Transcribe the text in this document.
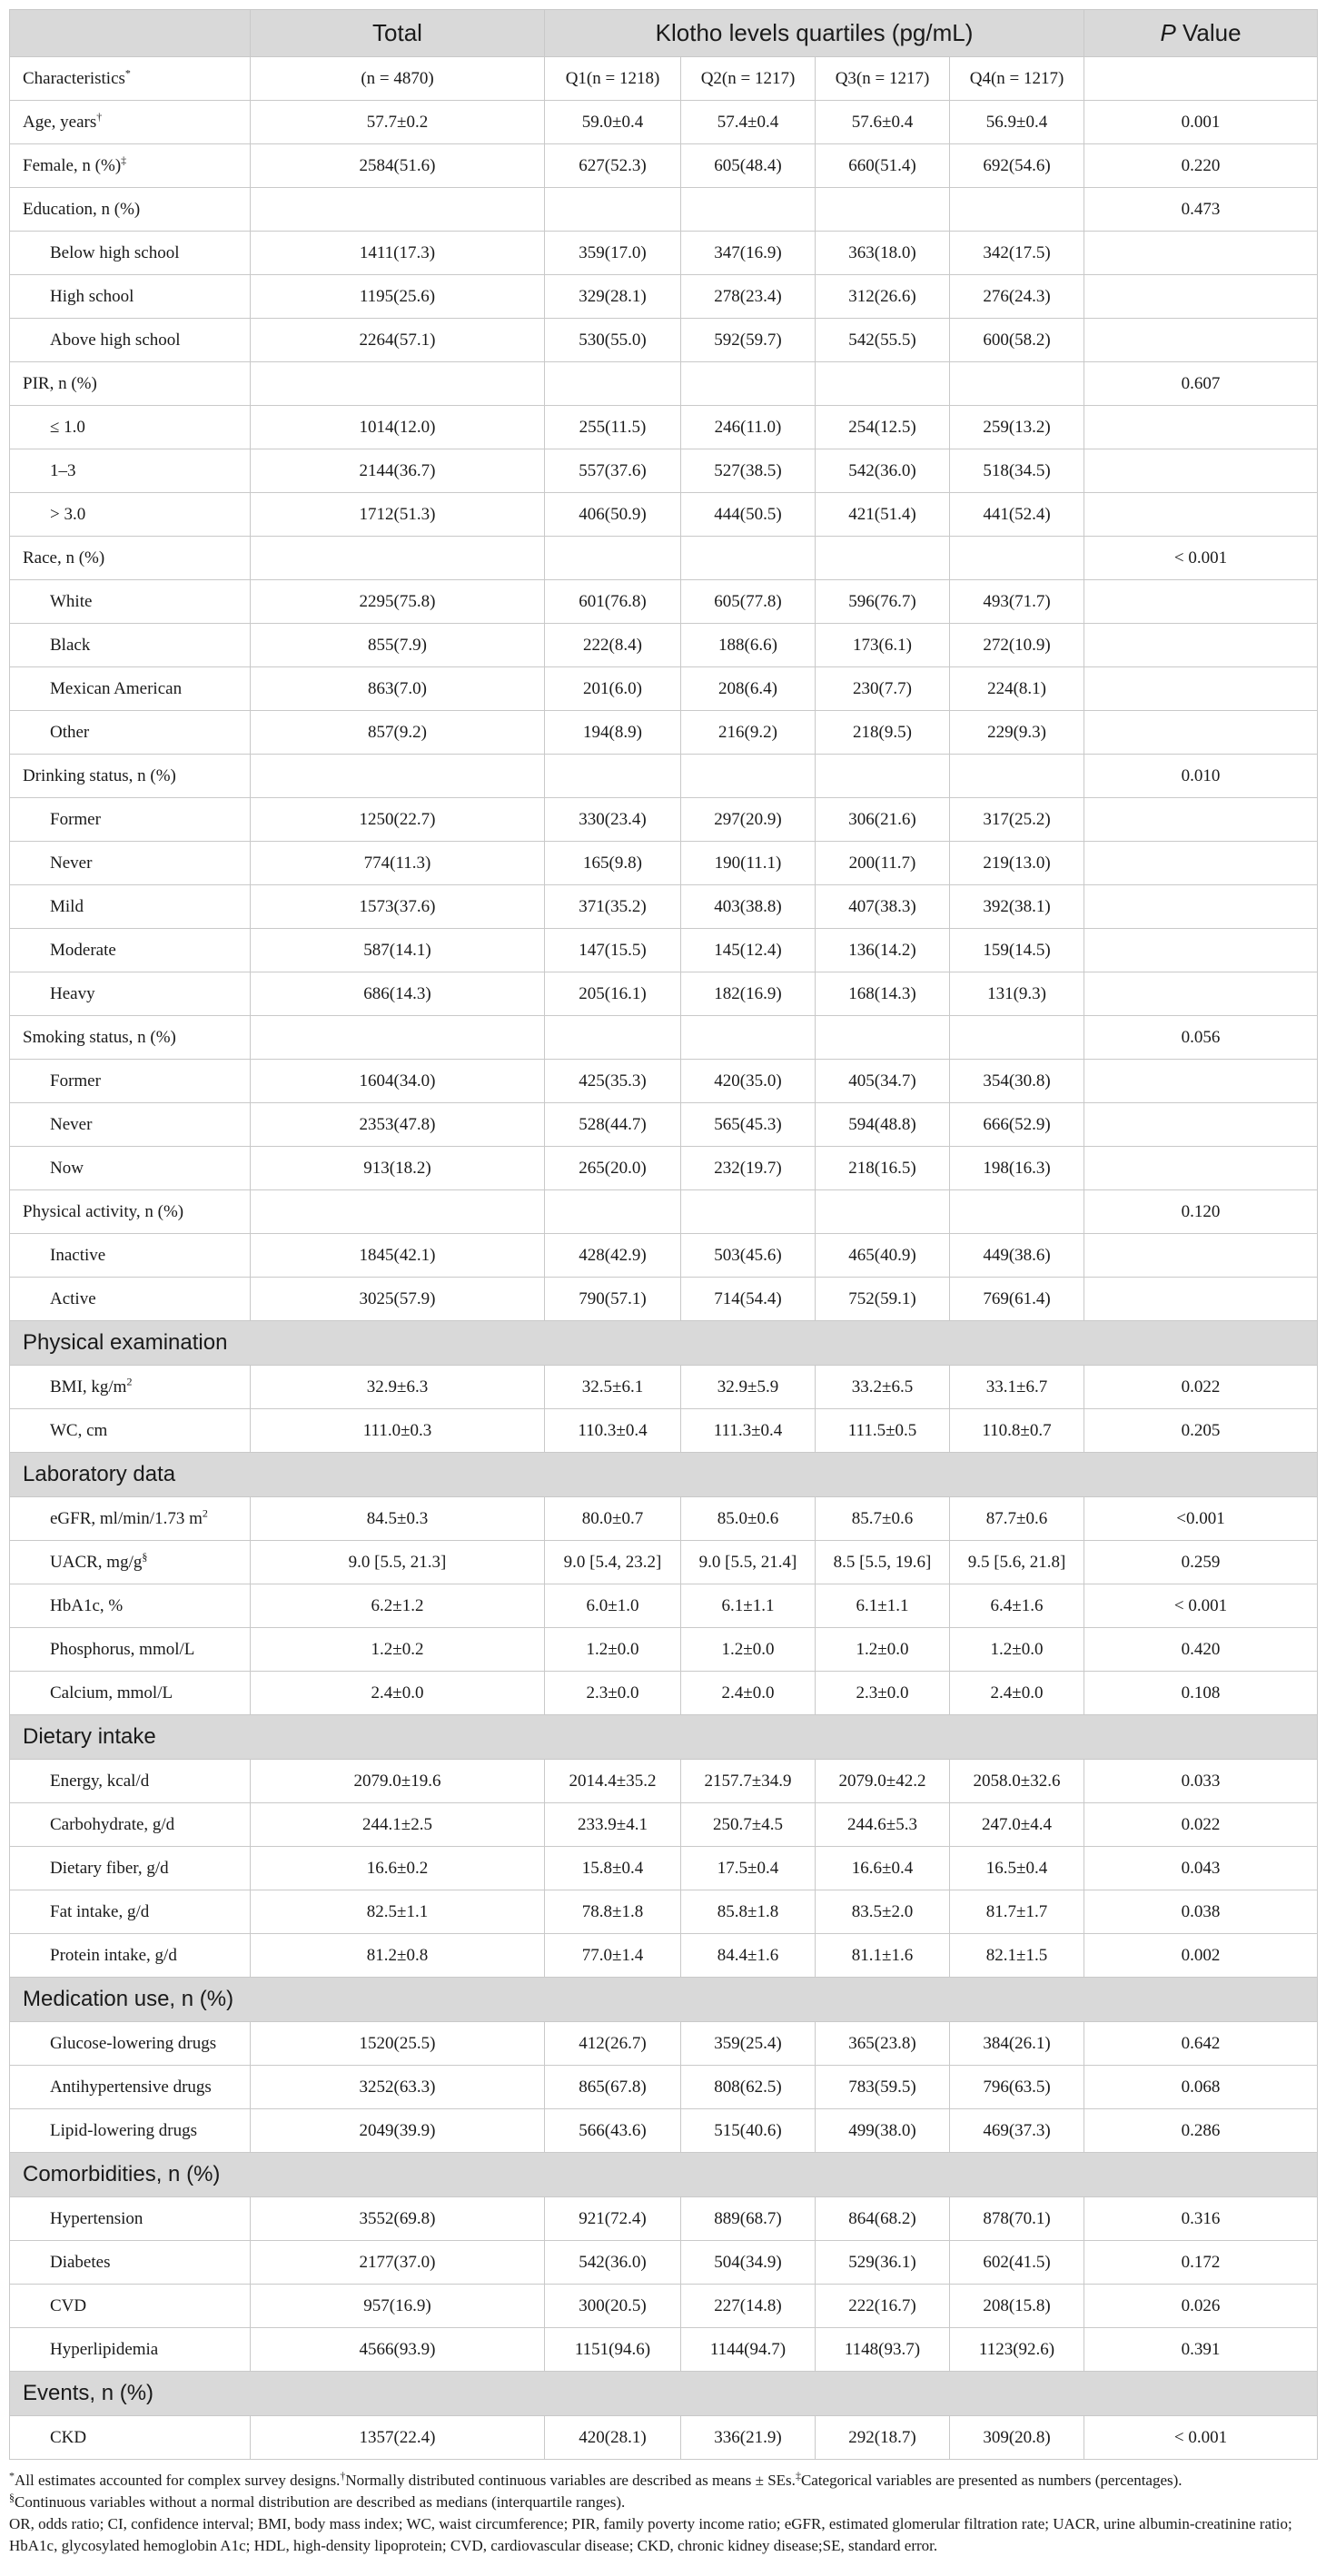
	Total	Klotho levels quartiles (pg/mL)				P Value
Characteristics*	(n = 4870)	Q1(n = 1218)	Q2(n = 1217)	Q3(n = 1217)	Q4(n = 1217)	
Age, years†	57.7±0.2	59.0±0.4	57.4±0.4	57.6±0.4	56.9±0.4	0.001
Female, n (%)‡	2584(51.6)	627(52.3)	605(48.4)	660(51.4)	692(54.6)	0.220
Education, n (%)						0.473
Below high school	1411(17.3)	359(17.0)	347(16.9)	363(18.0)	342(17.5)	
High school	1195(25.6)	329(28.1)	278(23.4)	312(26.6)	276(24.3)	
Above high school	2264(57.1)	530(55.0)	592(59.7)	542(55.5)	600(58.2)	
PIR, n (%)						0.607
≤ 1.0	1014(12.0)	255(11.5)	246(11.0)	254(12.5)	259(13.2)	
1–3	2144(36.7)	557(37.6)	527(38.5)	542(36.0)	518(34.5)	
> 3.0	1712(51.3)	406(50.9)	444(50.5)	421(51.4)	441(52.4)	
Race, n (%)						< 0.001
White	2295(75.8)	601(76.8)	605(77.8)	596(76.7)	493(71.7)	
Black	855(7.9)	222(8.4)	188(6.6)	173(6.1)	272(10.9)	
Mexican American	863(7.0)	201(6.0)	208(6.4)	230(7.7)	224(8.1)	
Other	857(9.2)	194(8.9)	216(9.2)	218(9.5)	229(9.3)	
Drinking status, n (%)						0.010
Former	1250(22.7)	330(23.4)	297(20.9)	306(21.6)	317(25.2)	
Never	774(11.3)	165(9.8)	190(11.1)	200(11.7)	219(13.0)	
Mild	1573(37.6)	371(35.2)	403(38.8)	407(38.3)	392(38.1)	
Moderate	587(14.1)	147(15.5)	145(12.4)	136(14.2)	159(14.5)	
Heavy	686(14.3)	205(16.1)	182(16.9)	168(14.3)	131(9.3)	
Smoking status, n (%)						0.056
Former	1604(34.0)	425(35.3)	420(35.0)	405(34.7)	354(30.8)	
Never	2353(47.8)	528(44.7)	565(45.3)	594(48.8)	666(52.9)	
Now	913(18.2)	265(20.0)	232(19.7)	218(16.5)	198(16.3)	
Physical activity, n (%)						0.120
Inactive	1845(42.1)	428(42.9)	503(45.6)	465(40.9)	449(38.6)	
Active	3025(57.9)	790(57.1)	714(54.4)	752(59.1)	769(61.4)	
Physical examination						
BMI, $kg/m^2$	32.9±6.3	32.5±6.1	32.9±5.9	33.2±6.5	33.1±6.7	0.022
WC, cm	111.0±0.3	110.3±0.4	111.3±0.4	111.5±0.5	110.8±0.7	0.205
Laboratory data						
eGFR, ml/min/1.73 $m^2$	84.5±0.3	80.0±0.7	85.0±0.6	85.7±0.6	87.7±0.6	<0.001
UACR, mg/g§	9.0 [5.5, 21.3]	9.0 [5.4, 23.2]	9.0 [5.5, 21.4]	8.5 [5.5, 19.6]	9.5 [5.6, 21.8]	0.259
HbA1c, %	6.2±1.2	6.0±1.0	6.1±1.1	6.1±1.1	6.4±1.6	< 0.001
Phosphorus, mmol/L	1.2±0.2	1.2±0.0	1.2±0.0	1.2±0.0	1.2±0.0	0.420
Calcium, mmol/L	2.4±0.0	2.3±0.0	2.4±0.0	2.3±0.0	2.4±0.0	0.108
Dietary intake						
Energy, kcal/d	2079.0±19.6	2014.4±35.2	2157.7±34.9	2079.0±42.2	2058.0±32.6	0.033
Carbohydrate, g/d	244.1±2.5	233.9±4.1	250.7±4.5	244.6±5.3	247.0±4.4	0.022
Dietary fiber, g/d	16.6±0.2	15.8±0.4	17.5±0.4	16.6±0.4	16.5±0.4	0.043
Fat intake, g/d	82.5±1.1	78.8±1.8	85.8±1.8	83.5±2.0	81.7±1.7	0.038
Protein intake, g/d	81.2±0.8	77.0±1.4	84.4±1.6	81.1±1.6	82.1±1.5	0.002
Medication use, n (%)						
Glucose-lowering drugs	1520(25.5)	412(26.7)	359(25.4)	365(23.8)	384(26.1)	0.642
Antihypertensive drugs	3252(63.3)	865(67.8)	808(62.5)	783(59.5)	796(63.5)	0.068
Lipid-lowering drugs	2049(39.9)	566(43.6)	515(40.6)	499(38.0)	469(37.3)	0.286
Comorbidities, n (%)						
Hypertension	3552(69.8)	921(72.4)	889(68.7)	864(68.2)	878(70.1)	0.316
Diabetes	2177(37.0)	542(36.0)	504(34.9)	529(36.1)	602(41.5)	0.172
CVD	957(16.9)	300(20.5)	227(14.8)	222(16.7)	208(15.8)	0.026
Hyperlipidemia	4566(93.9)	1151(94.6)	1144(94.7)	1148(93.7)	1123(92.6)	0.391
Events, n (%)						
CKD	1357(22.4)	420(28.1)	336(21.9)	292(18.7)	309(20.8)	< 0.001

*All estimates accounted for complex survey designs.†Normally distributed continuous variables are described as means ± SEs.‡Categorical variables are presented as numbers (percentages).

§Continuous variables without a normal distribution are described as medians (interquartile ranges).

OR, odds ratio; CI, confidence interval; BMI, body mass index; WC, waist circumference; PIR, family poverty income ratio; eGFR, estimated glomerular filtration rate; UACR, urine albumin-creatinine ratio; HbA1c, glycosylated hemoglobin A1c; HDL, high-density lipoprotein; CVD, cardiovascular disease; CKD, chronic kidney disease;SE, standard error.
